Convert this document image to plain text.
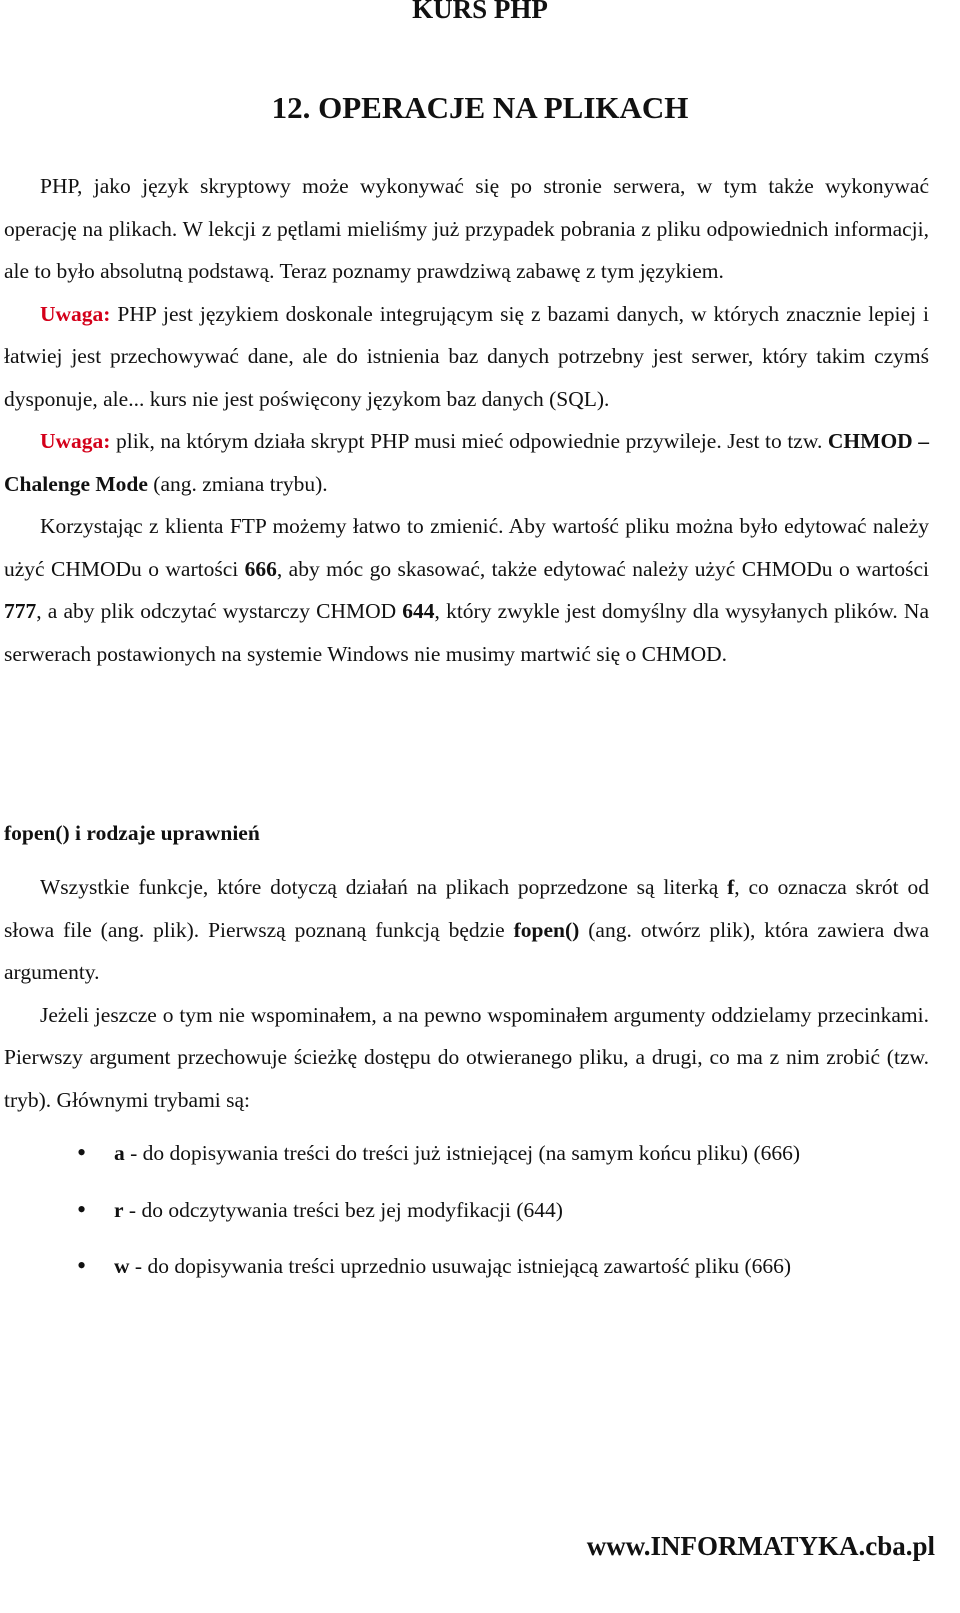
KURS PHP
12. OPERACJE NA PLIKACH

PHP, jako język skryptowy może wykonywać się po stronie serwera, w tym także wykonywać operację na plikach. W lekcji z pętlami mieliśmy już przypadek pobrania z pliku odpowiednich informacji, ale to było absolutną podstawą. Teraz poznamy prawdziwą zabawę z tym językiem.

Uwaga: PHP jest językiem doskonale integrującym się z bazami danych, w których znacznie lepiej i łatwiej jest przechowywać dane, ale do istnienia baz danych potrzebny jest serwer, który takim czymś dysponuje, ale... kurs nie jest poświęcony językom baz danych (SQL).

Uwaga: plik, na którym działa skrypt PHP musi mieć odpowiednie przywileje. Jest to tzw. CHMOD – Chalenge Mode (ang. zmiana trybu).

Korzystając z klienta FTP możemy łatwo to zmienić. Aby wartość pliku można było edytować należy użyć CHMODu o wartości 666, aby móc go skasować, także edytować należy użyć CHMODu o wartości 777, a aby plik odczytać wystarczy CHMOD 644, który zwykle jest domyślny dla wysyłanych plików. Na serwerach postawionych na systemie Windows nie musimy martwić się o CHMOD.

fopen() i rodzaje uprawnień

Wszystkie funkcje, które dotyczą działań na plikach poprzedzone są literką f, co oznacza skrót od słowa file (ang. plik). Pierwszą poznaną funkcją będzie fopen() (ang. otwórz plik), która zawiera dwa argumenty.

Jeżeli jeszcze o tym nie wspominałem, a na pewno wspominałem argumenty oddzielamy przecinkami. Pierwszy argument przechowuje ścieżkę dostępu do otwieranego pliku, a drugi, co ma z nim zrobić (tzw. tryb). Głównymi trybami są:

• a - do dopisywania treści do treści już istniejącej (na samym końcu pliku) (666)
• r - do odczytywania treści bez jej modyfikacji (644)
• w - do dopisywania treści uprzednio usuwając istniejącą zawartość pliku (666)
www.INFORMATYKA.cba.pl
